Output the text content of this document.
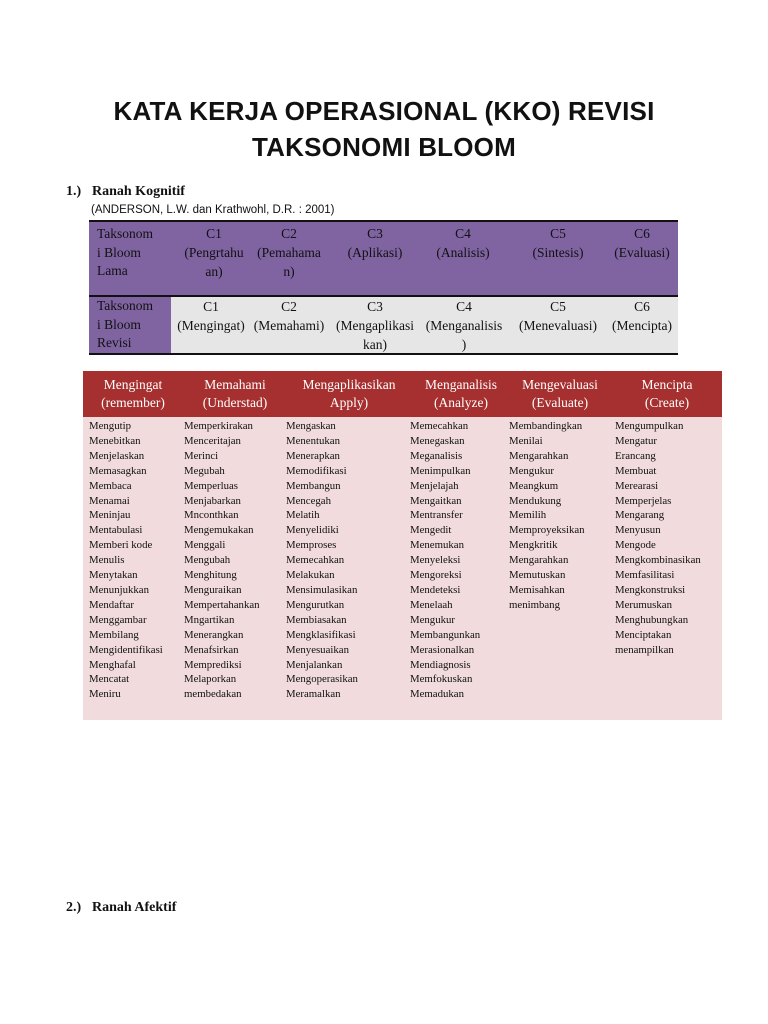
KATA KERJA OPERASIONAL (KKO) REVISI
TAKSONOMI BLOOM
1.) Ranah Kognitif
(ANDERSON, L.W. dan Krathwohl, D.R. : 2001)
Taksonom
i Bloom
Lama
C1
(Pengrtahu
an)
C2
(Pemahama
n)
C3
(Aplikasi)
C4
(Analisis)
C5
(Sintesis)
C6
(Evaluasi)
Taksonom
i Bloom
Revisi
C1
(Mengingat)
C2
(Memahami)
C3
(Mengaplikasi
kan)
C4
(Menganalisis
)
C5
(Menevaluasi)
C6
(Mencipta)
Mengingat
(remember)
Memahami
(Understad)
Mengaplikasikan
Apply)
Menganalisis
(Analyze)
Mengevaluasi
(Evaluate)
Mencipta
(Create)
Mengutip
Menebitkan
Menjelaskan
Memasagkan
Membaca
Menamai
Meninjau
Mentabulasi
Memberi kode
Menulis
Menytakan
Menunjukkan
Mendaftar
Menggambar
Membilang
Mengidentifikasi
Menghafal
Mencatat
Meniru
Memperkirakan
Menceritajan
Merinci
Megubah
Memperluas
Menjabarkan
Mnconthkan
Mengemukakan
Menggali
Mengubah
Menghitung
Menguraikan
Mempertahankan
Mngartikan
Menerangkan
Menafsirkan
Memprediksi
Melaporkan
membedakan
Mengaskan
Menentukan
Menerapkan
Memodifikasi
Membangun
Mencegah
Melatih
Menyelidiki
Memproses
Memecahkan
Melakukan
Mensimulasikan
Mengurutkan
Membiasakan
Mengklasifikasi
Menyesuaikan
Menjalankan
Mengoperasikan
Meramalkan
Memecahkan
Menegaskan
Meganalisis
Menimpulkan
Menjelajah
Mengaitkan
Mentransfer
Mengedit
Menemukan
Menyeleksi
Mengoreksi
Mendeteksi
Menelaah
Mengukur
Membangunkan
Merasionalkan
Mendiagnosis
Memfokuskan
Memadukan
Membandingkan
Menilai
Mengarahkan
Mengukur
Meangkum
Mendukung
Memilih
Memproyeksikan
Mengkritik
Mengarahkan
Memutuskan
Memisahkan
menimbang
Mengumpulkan
Mengatur
Erancang
Membuat
Merearasi
Memperjelas
Mengarang
Menyusun
Mengode
Mengkombinasikan
Memfasilitasi
Mengkonstruksi
Merumuskan
Menghubungkan
Menciptakan
menampilkan
2.) Ranah Afektif
